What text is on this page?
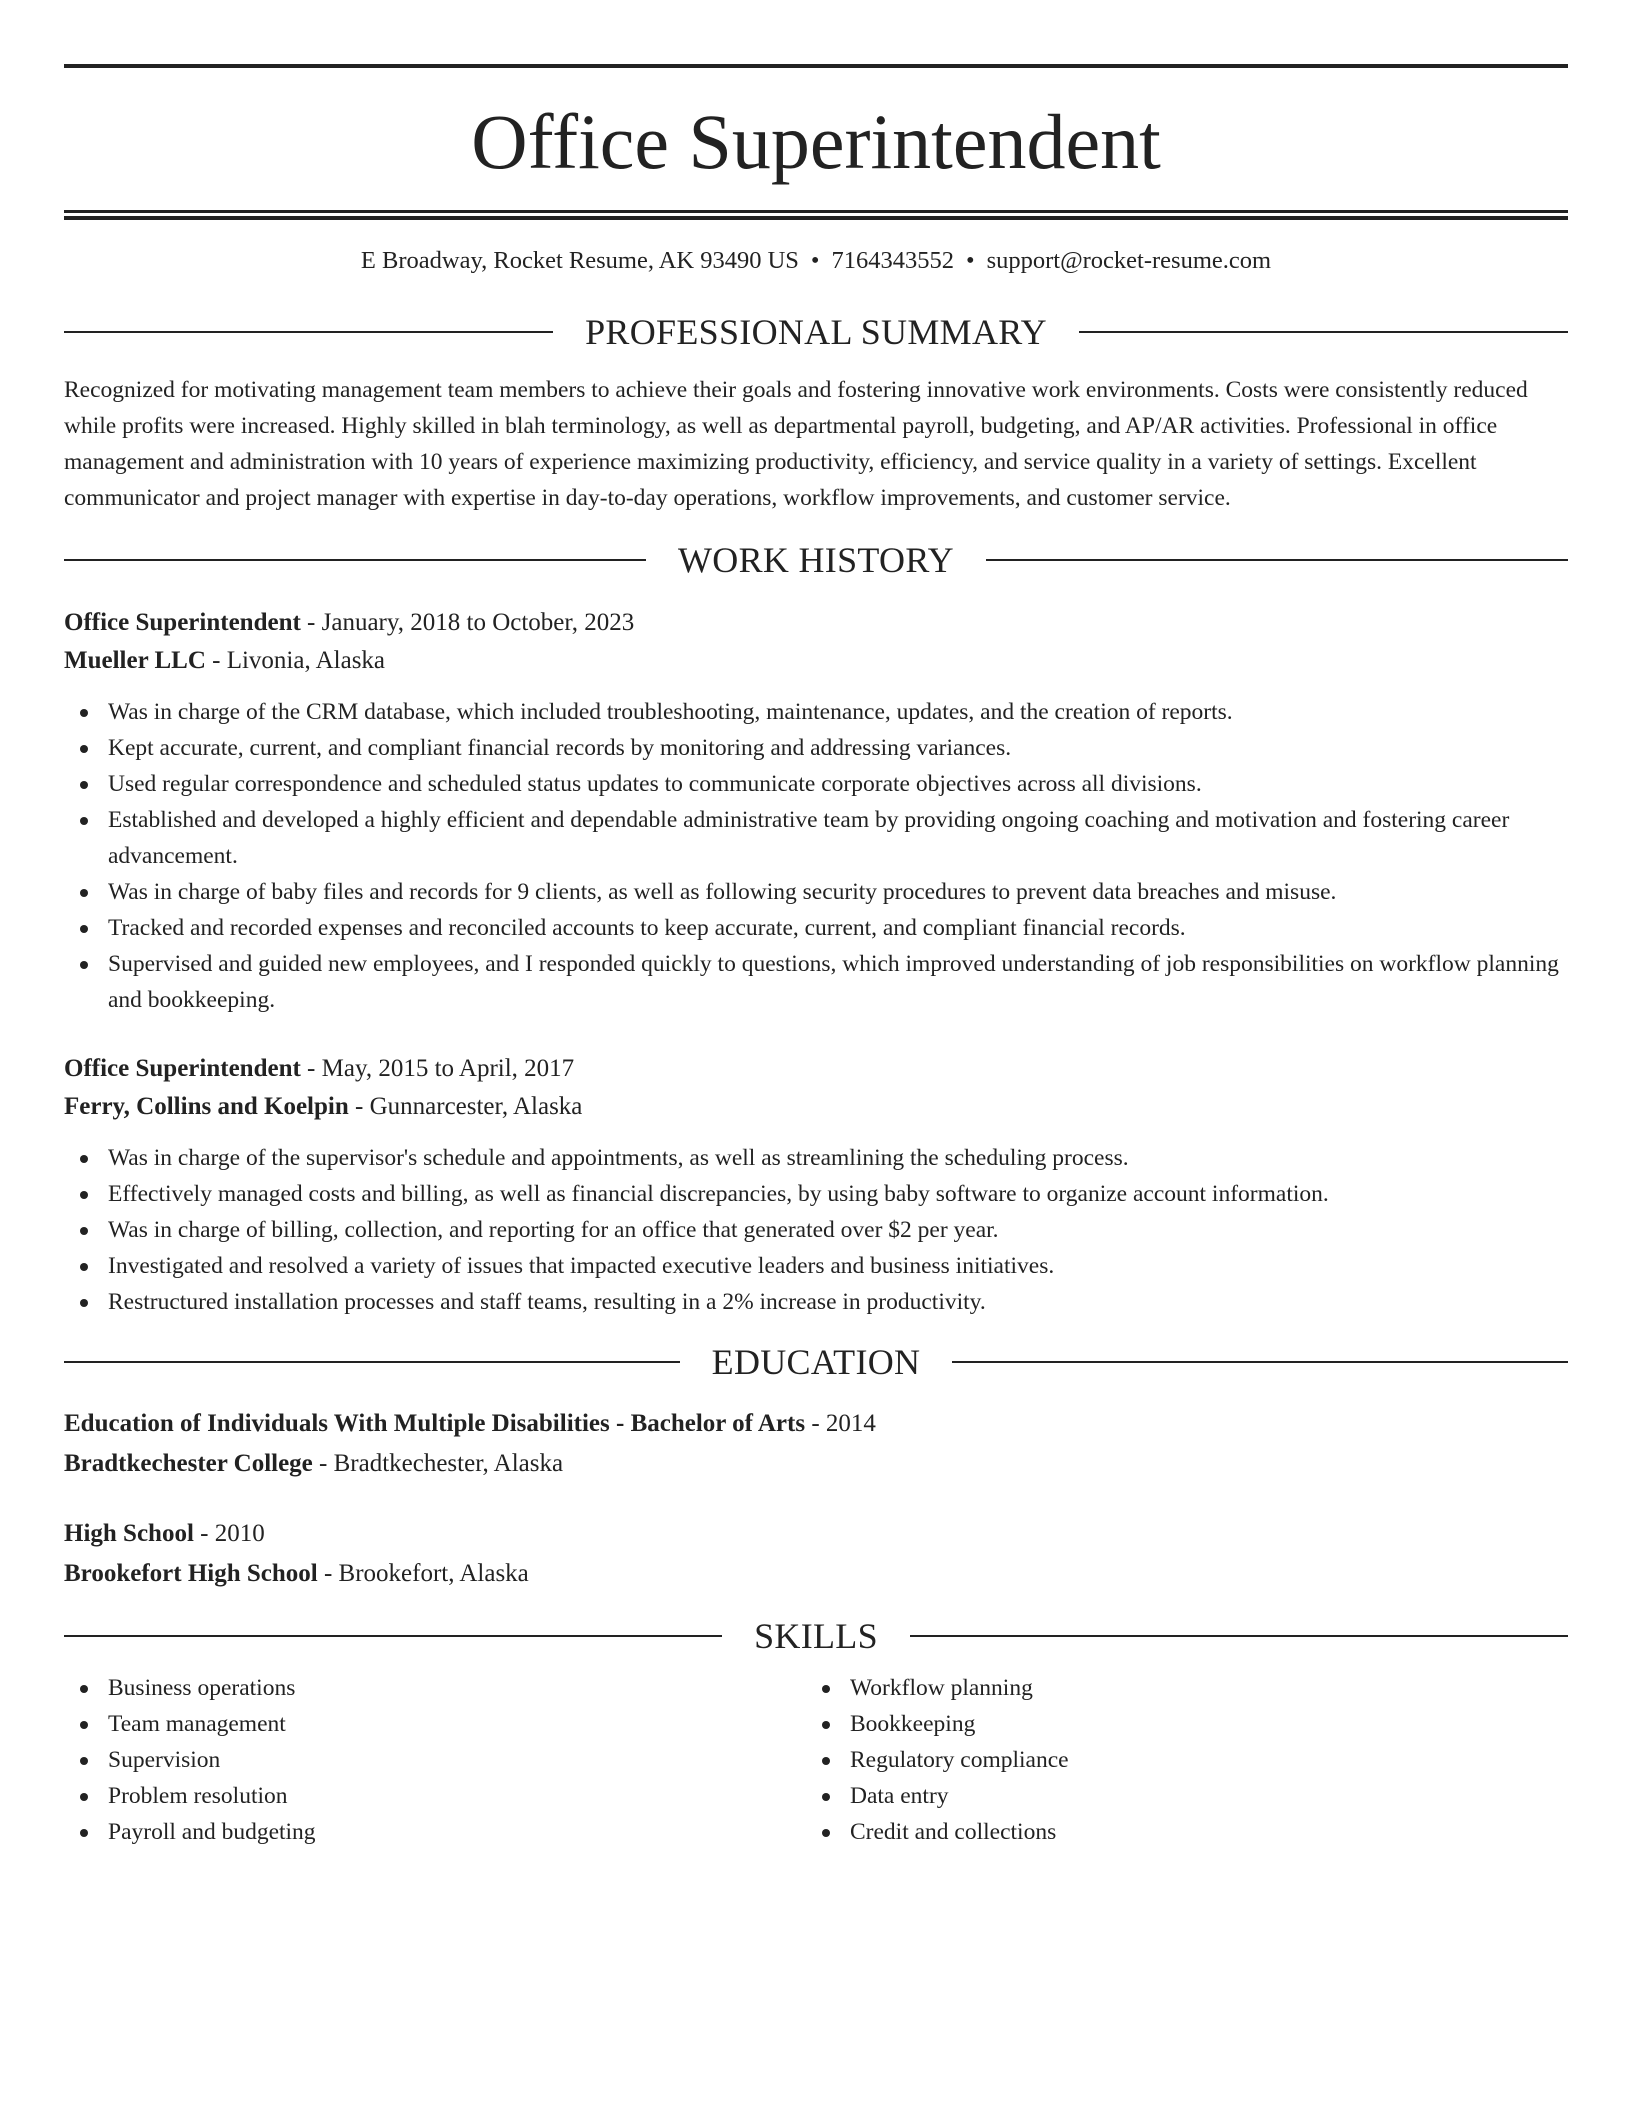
Office Superintendent
E Broadway, Rocket Resume, AK 93490 US • 7164343552 • support@rocket-resume.com
PROFESSIONAL SUMMARY

Recognized for motivating management team members to achieve their goals and fostering innovative work environments. Costs were consistently reduced while profits were increased. Highly skilled in blah terminology, as well as departmental payroll, budgeting, and AP/AR activities. Professional in office management and administration with 10 years of experience maximizing productivity, efficiency, and service quality in a variety of settings. Excellent communicator and project manager with expertise in day-to-day operations, workflow improvements, and customer service.

WORK HISTORY
Office Superintendent - January, 2018 to October, 2023
Mueller LLC - Livonia, Alaska
Was in charge of the CRM database, which included troubleshooting, maintenance, updates, and the creation of reports.
Kept accurate, current, and compliant financial records by monitoring and addressing variances.
Used regular correspondence and scheduled status updates to communicate corporate objectives across all divisions.
Established and developed a highly efficient and dependable administrative team by providing ongoing coaching and motivation and fostering career advancement.
Was in charge of baby files and records for 9 clients, as well as following security procedures to prevent data breaches and misuse.
Tracked and recorded expenses and reconciled accounts to keep accurate, current, and compliant financial records.
Supervised and guided new employees, and I responded quickly to questions, which improved understanding of job responsibilities on workflow planning and bookkeeping.
Office Superintendent - May, 2015 to April, 2017
Ferry, Collins and Koelpin - Gunnarcester, Alaska
Was in charge of the supervisor's schedule and appointments, as well as streamlining the scheduling process.
Effectively managed costs and billing, as well as financial discrepancies, by using baby software to organize account information.
Was in charge of billing, collection, and reporting for an office that generated over $2 per year.
Investigated and resolved a variety of issues that impacted executive leaders and business initiatives.
Restructured installation processes and staff teams, resulting in a 2% increase in productivity.
EDUCATION
Education of Individuals With Multiple Disabilities - Bachelor of Arts - 2014
Bradtkechester College - Bradtkechester, Alaska
High School - 2010
Brookefort High School - Brookefort, Alaska
SKILLS
Business operations
Team management
Supervision
Problem resolution
Payroll and budgeting
Workflow planning
Bookkeeping
Regulatory compliance
Data entry
Credit and collections
